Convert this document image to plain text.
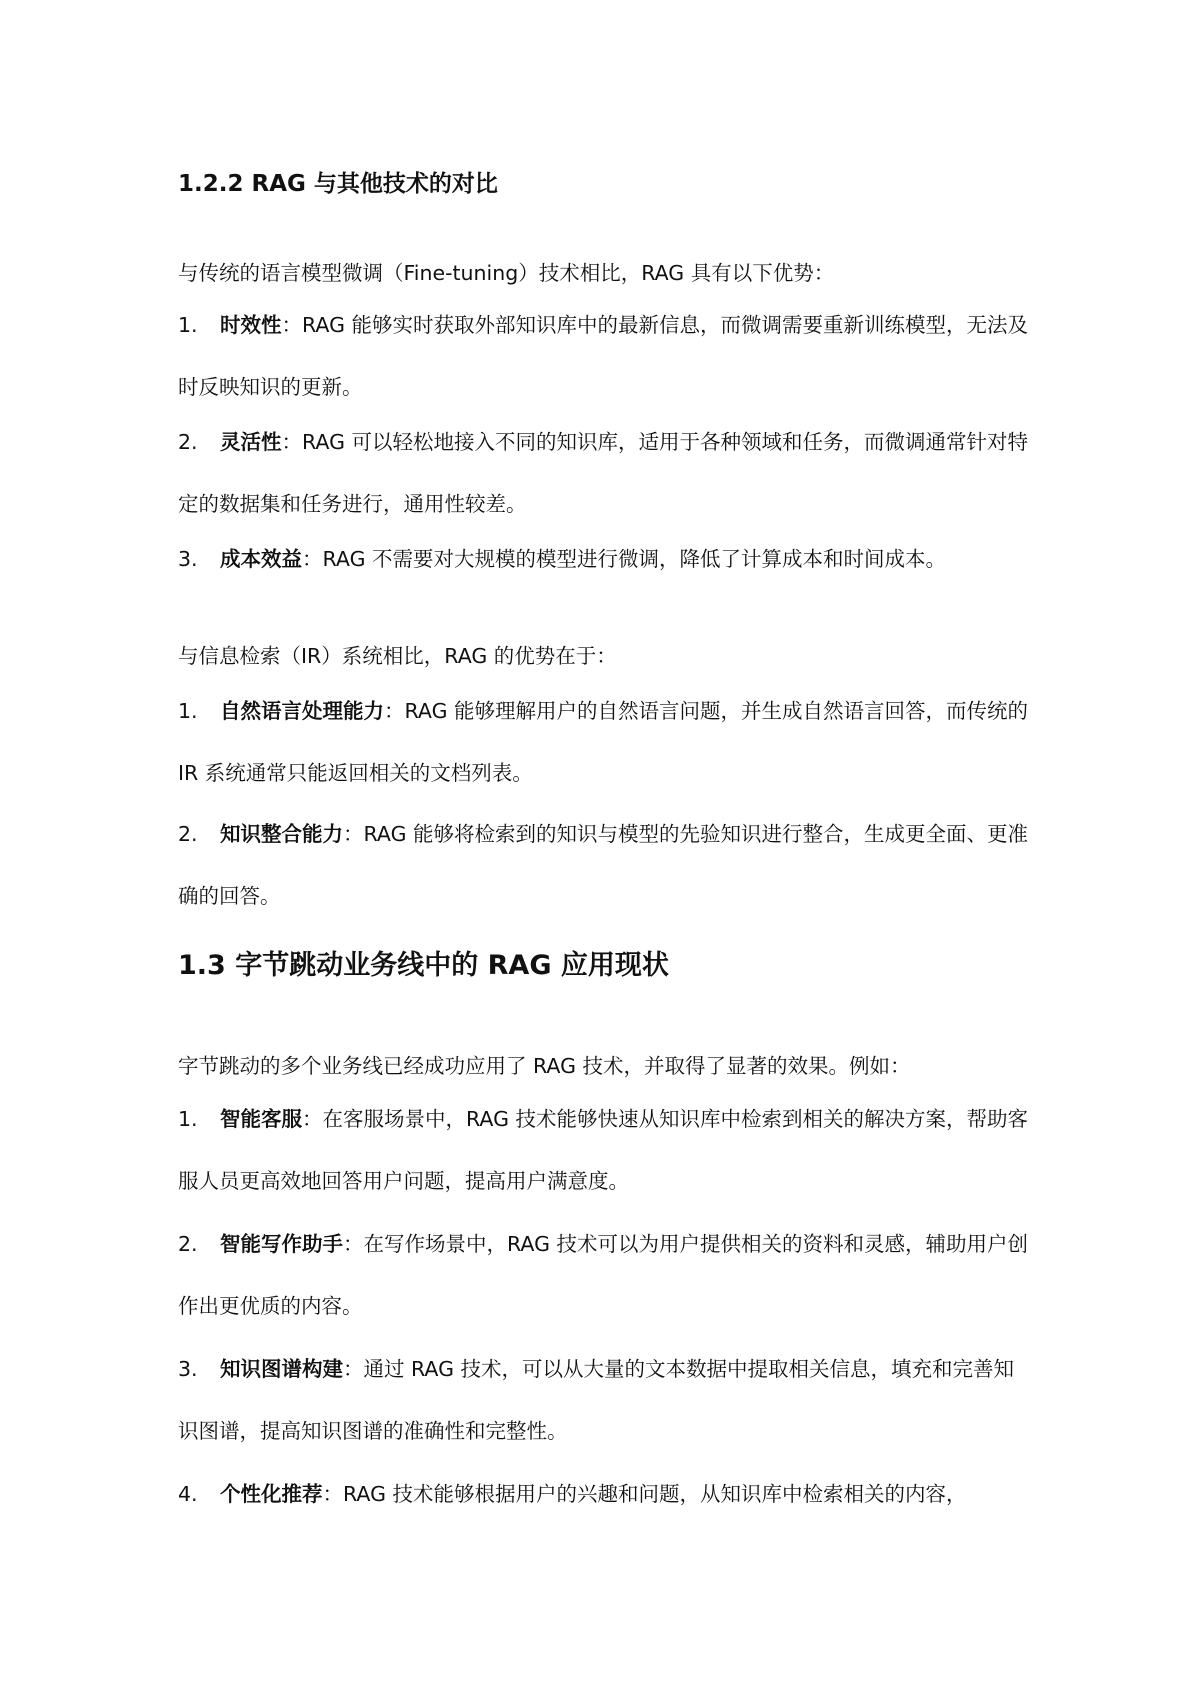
1.2.2 RAG 与其他技术的对比
与传统的语言模型微调（Fine-tuning）技术相比，RAG 具有以下优势：
1. 时效性：RAG 能够实时获取外部知识库中的最新信息，而微调需要重新训练模型，无法及时反映知识的更新。
2. 灵活性：RAG 可以轻松地接入不同的知识库，适用于各种领域和任务，而微调通常针对特定的数据集和任务进行，通用性较差。
3. 成本效益：RAG 不需要对大规模的模型进行微调，降低了计算成本和时间成本。
与信息检索（IR）系统相比，RAG 的优势在于：
1. 自然语言处理能力：RAG 能够理解用户的自然语言问题，并生成自然语言回答，而传统的 IR 系统通常只能返回相关的文档列表。
2. 知识整合能力：RAG 能够将检索到的知识与模型的先验知识进行整合，生成更全面、更准确的回答。
1.3 字节跳动业务线中的 RAG 应用现状
字节跳动的多个业务线已经成功应用了 RAG 技术，并取得了显著的效果。例如：
1. 智能客服：在客服场景中，RAG 技术能够快速从知识库中检索到相关的解决方案，帮助客服人员更高效地回答用户问题，提高用户满意度。
2. 智能写作助手：在写作场景中，RAG 技术可以为用户提供相关的资料和灵感，辅助用户创作出更优质的内容。
3. 知识图谱构建：通过 RAG 技术，可以从大量的文本数据中提取相关信息，填充和完善知识图谱，提高知识图谱的准确性和完整性。
4. 个性化推荐：RAG 技术能够根据用户的兴趣和问题，从知识库中检索相关的内容，
